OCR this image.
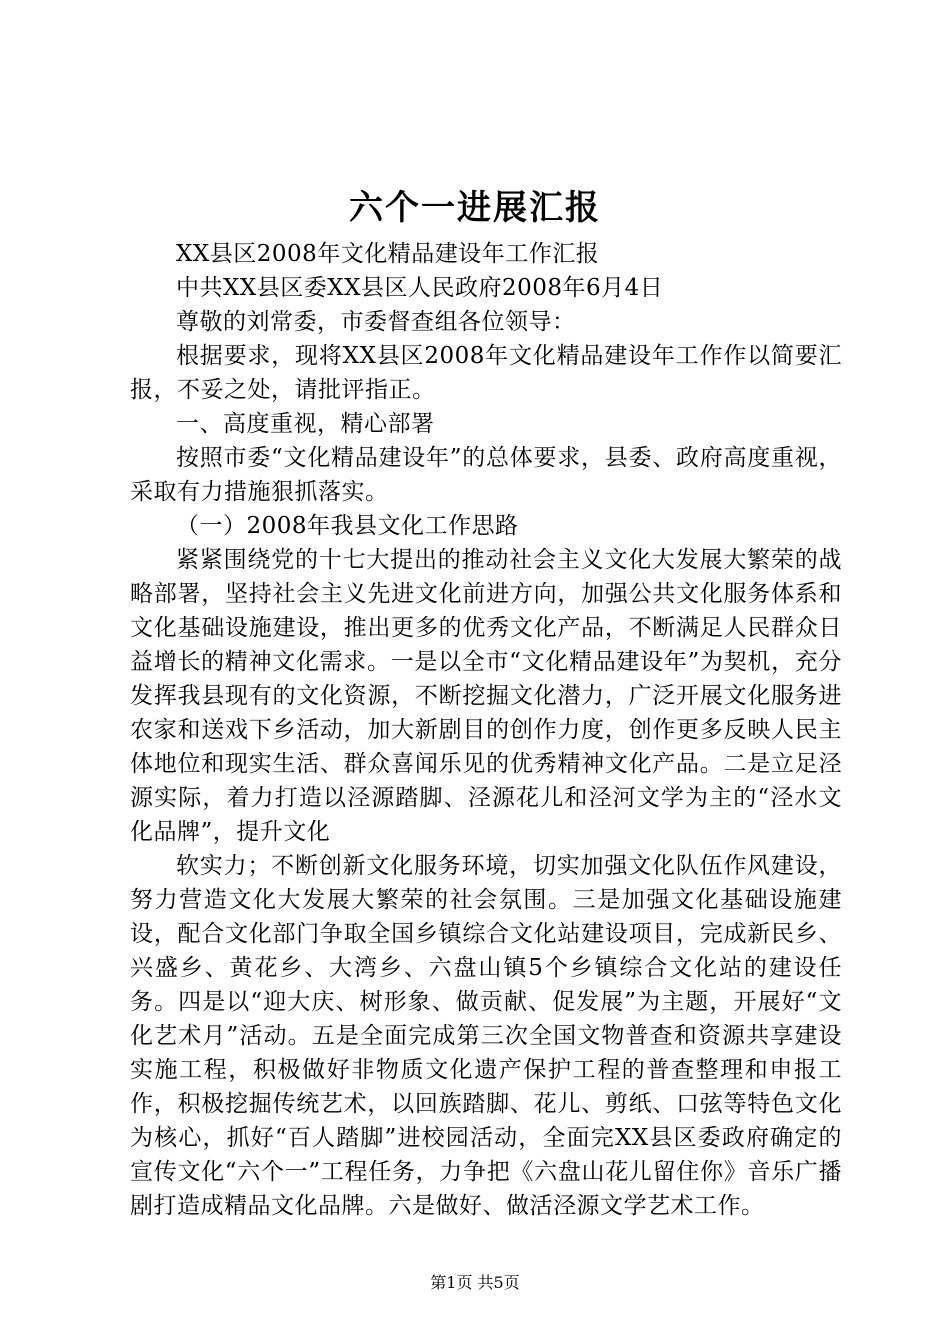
六个一进展汇报

XX县区2008年文化精品建设年工作汇报

中共XX县区委XX县区人民政府2008年6月4日

尊敬的刘常委，市委督查组各位领导：

根据要求，现将XX县区2008年文化精品建设年工作作以简要汇报，不妥之处，请批评指正。

一、高度重视，精心部署

按照市委“文化精品建设年”的总体要求，县委、政府高度重视，采取有力措施狠抓落实。

（一）2008年我县文化工作思路

紧紧围绕党的十七大提出的推动社会主义文化大发展大繁荣的战略部署，坚持社会主义先进文化前进方向，加强公共文化服务体系和文化基础设施建设，推出更多的优秀文化产品，不断满足人民群众日益增长的精神文化需求。一是以全市“文化精品建设年”为契机，充分发挥我县现有的文化资源，不断挖掘文化潜力，广泛开展文化服务进农家和送戏下乡活动，加大新剧目的创作力度，创作更多反映人民主体地位和现实生活、群众喜闻乐见的优秀精神文化产品。二是立足泾源实际，着力打造以泾源踏脚、泾源花儿和泾河文学为主的“泾水文化品牌”，提升文化

软实力；不断创新文化服务环境，切实加强文化队伍作风建设，努力营造文化大发展大繁荣的社会氛围。三是加强文化基础设施建设，配合文化部门争取全国乡镇综合文化站建设项目，完成新民乡、兴盛乡、黄花乡、大湾乡、六盘山镇5个乡镇综合文化站的建设任务。四是以“迎大庆、树形象、做贡献、促发展”为主题，开展好“文化艺术月”活动。五是全面完成第三次全国文物普查和资源共享建设实施工程，积极做好非物质文化遗产保护工程的普查整理和申报工作，积极挖掘传统艺术，以回族踏脚、花儿、剪纸、口弦等特色文化为核心，抓好“百人踏脚”进校园活动，全面完XX县区委政府确定的宣传文化“六个一”工程任务，力争把《六盘山花儿留住你》音乐广播剧打造成精品文化品牌。六是做好、做活泾源文学艺术工作。

第1页 共5页
